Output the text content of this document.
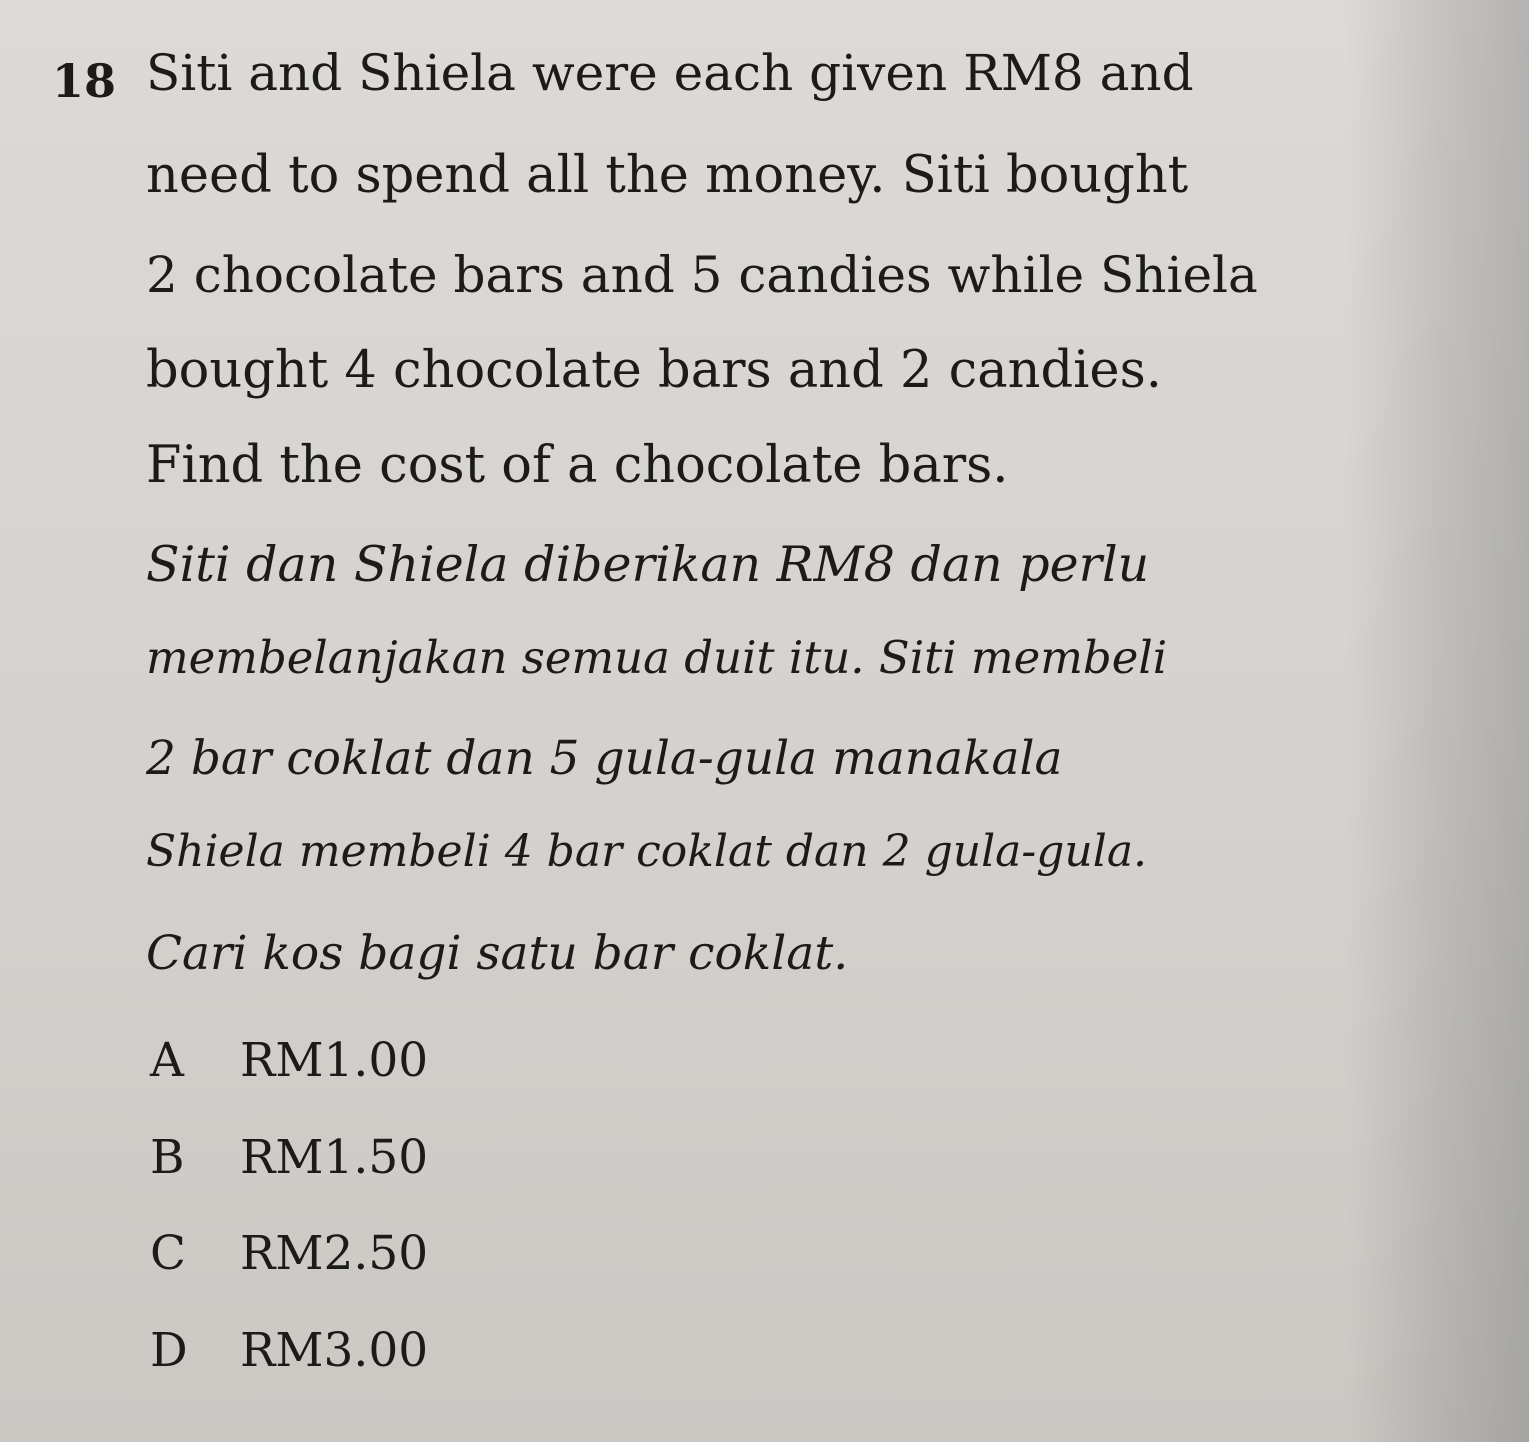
18 Siti and Shiela were each given RM8 and
need to spend all the money. Siti bought
2 chocolate bars and 5 candies while Shiela
bought 4 chocolate bars and 2 candies.
Find the cost of a chocolate bars.
Siti dan Shiela diberikan RM8 dan perlu
membelanjakan semua duit itu. Siti membeli
2 bar coklat dan 5 gula-gula manakala
Shiela membeli 4 bar coklat dan 2 gula-gula.
Cari kos bagi satu bar coklat.
A RM1.00
B RM1.50
C RM2.50
D RM3.00
